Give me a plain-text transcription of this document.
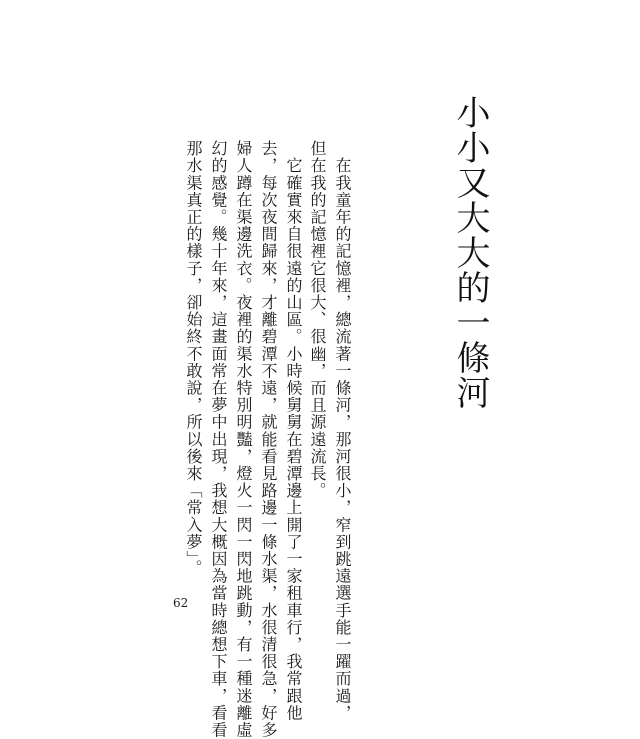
小小又大大的一條河
　在我童年的記憶裡，總流著一條河，那河很小，窄到跳遠選手能一躍而過，
但在我的記憶裡它很大、很幽，而且源遠流長。
　它確實來自很遠的山區。小時候舅舅在碧潭邊上開了一家租車行，我常跟他
去，每次夜間歸來，才離碧潭不遠，就能看見路邊一條水渠，水很清很急，好多
婦人蹲在渠邊洗衣。夜裡的渠水特別明豔，燈火一閃一閃地跳動，有一種迷離虛
幻的感覺。幾十年來，這畫面常在夢中出現，我想大概因為當時總想下車，看看
那水渠真正的樣子，卻始終不敢說，所以後來「常入夢」。
62
